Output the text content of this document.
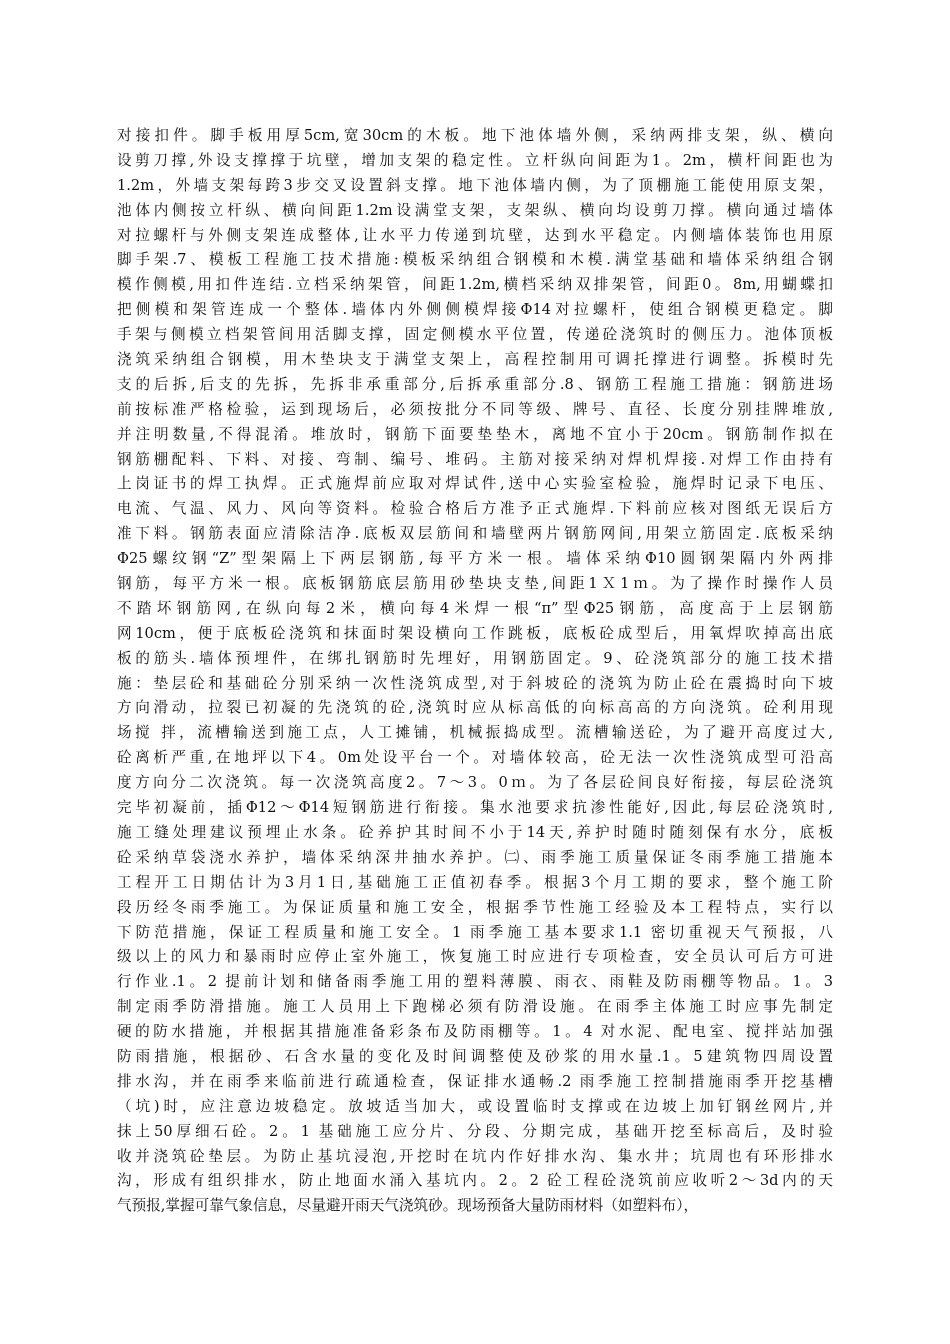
对接扣件。脚手板用厚5cm,宽30cm的木板。地下池体墙外侧，采纳两排支架，纵、横向
设剪刀撑,外设支撑撑于坑壁，增加支架的稳定性。立杆纵向间距为1。2m，横杆间距也为
1.2m，外墙支架每跨3步交叉设置斜支撑。地下池体墙内侧，为了顶棚施工能使用原支架，
池体内侧按立杆纵、横向间距1.2m设满堂支架，支架纵、横向均设剪刀撑。横向通过墙体
对拉螺杆与外侧支架连成整体,让水平力传递到坑壁，达到水平稳定。内侧墙体装饰也用原
脚手架.7、模板工程施工技术措施:模板采纳组合钢模和木模.满堂基础和墙体采纳组合钢
模作侧模,用扣件连结.立档采纳架管，间距1.2m,横档采纳双排架管，间距0。8m,用蝴蝶扣
把侧模和架管连成一个整体.墙体内外侧侧模焊接Φ14对拉螺杆，使组合钢模更稳定。脚
手架与侧模立档架管间用活脚支撑，固定侧模水平位置，传递砼浇筑时的侧压力。池体顶板
浇筑采纳组合钢模，用木垫块支于满堂支架上，高程控制用可调托撑进行调整。拆模时先
支的后拆,后支的先拆，先拆非承重部分,后拆承重部分.8、钢筋工程施工措施：钢筋进场
前按标准严格检验，运到现场后，必须按批分不同等级、牌号、直径、长度分别挂牌堆放,
并注明数量,不得混淆。堆放时，钢筋下面要垫垫木，离地不宜小于20cm。钢筋制作拟在
钢筋棚配料、下料、对接、弯制、编号、堆码。主筋对接采纳对焊机焊接.对焊工作由持有
上岗证书的焊工执焊。正式施焊前应取对焊试件,送中心实验室检验，施焊时记录下电压、
电流、气温、风力、风向等资料。检验合格后方准予正式施焊.下料前应核对图纸无误后方
准下料。钢筋表面应清除洁净.底板双层筋间和墙壁两片钢筋网间,用架立筋固定.底板采纳
Φ25螺纹钢“Z”型架隔上下两层钢筋,每平方米一根。墙体采纳Φ10圆钢架隔内外两排
钢筋，每平方米一根。底板钢筋底层筋用砂垫块支垫,间距1Ｘ1ｍ。为了操作时操作人员
不踏坏钢筋网,在纵向每2米，横向每4米焊一根“π”型Φ25钢筋，高度高于上层钢筋
网10cm，便于底板砼浇筑和抹面时架设横向工作跳板，底板砼成型后，用氧焊吹掉高出底
板的筋头.墙体预埋件，在绑扎钢筋时先埋好，用钢筋固定。9、砼浇筑部分的施工技术措
施：垫层砼和基础砼分别采纳一次性浇筑成型,对于斜坡砼的浇筑为防止砼在震捣时向下坡
方向滑动，拉裂已初凝的先浇筑的砼,浇筑时应从标高低的向标高高的方向浇筑。砼利用现
场搅 拌，流槽输送到施工点，人工摊铺，机械振捣成型。流槽输送砼，为了避开高度过大,
砼离析严重,在地坪以下4。0m处设平台一个。对墙体较高，砼无法一次性浇筑成型可沿高
度方向分二次浇筑。每一次浇筑高度2。7～3。0ｍ。为了各层砼间良好衔接，每层砼浇筑
完毕初凝前，插Φ12～Φ14短钢筋进行衔接。集水池要求抗渗性能好,因此,每层砼浇筑时,
施工缝处理建议预埋止水条。砼养护其时间不小于14天,养护时随时随刻保有水分，底板
砼采纳草袋浇水养护，墙体采纳深井抽水养护。㈡、雨季施工质量保证冬雨季施工措施本
工程开工日期估计为3月1日,基础施工正值初春季。根据3个月工期的要求，整个施工阶
段历经冬雨季施工。为保证质量和施工安全，根据季节性施工经验及本工程特点，实行以
下防范措施，保证工程质量和施工安全。1 雨季施工基本要求1.1 密切重视天气预报，八
级以上的风力和暴雨时应停止室外施工，恢复施工时应进行专项检查，安全员认可后方可进
行作业.1。2 提前计划和储备雨季施工用的塑料薄膜、雨衣、雨鞋及防雨棚等物品。1。3
制定雨季防滑措施。施工人员用上下跑梯必须有防滑设施。在雨季主体施工时应事先制定
硬的防水措施，并根据其措施准备彩条布及防雨棚等。1。4 对水泥、配电室、搅拌站加强
防雨措施，根据砂、石含水量的变化及时间调整使及砂浆的用水量.1。5建筑物四周设置
排水沟，并在雨季来临前进行疏通检查，保证排水通畅.2 雨季施工控制措施雨季开挖基槽
（坑)时，应注意边坡稳定。放坡适当加大，或设置临时支撑或在边坡上加钉钢丝网片,并
抹上50厚细石砼。2。1 基础施工应分片、分段、分期完成，基础开挖至标高后，及时验
收并浇筑砼垫层。为防止基坑浸泡,开挖时在坑内作好排水沟、集水井；坑周也有环形排水
沟，形成有组织排水，防止地面水涌入基坑内。2。2 砼工程砼浇筑前应收听2～3d内的天
气预报,掌握可靠气象信息，尽量避开雨天气浇筑砂。现场预备大量防雨材料（如塑料布），
